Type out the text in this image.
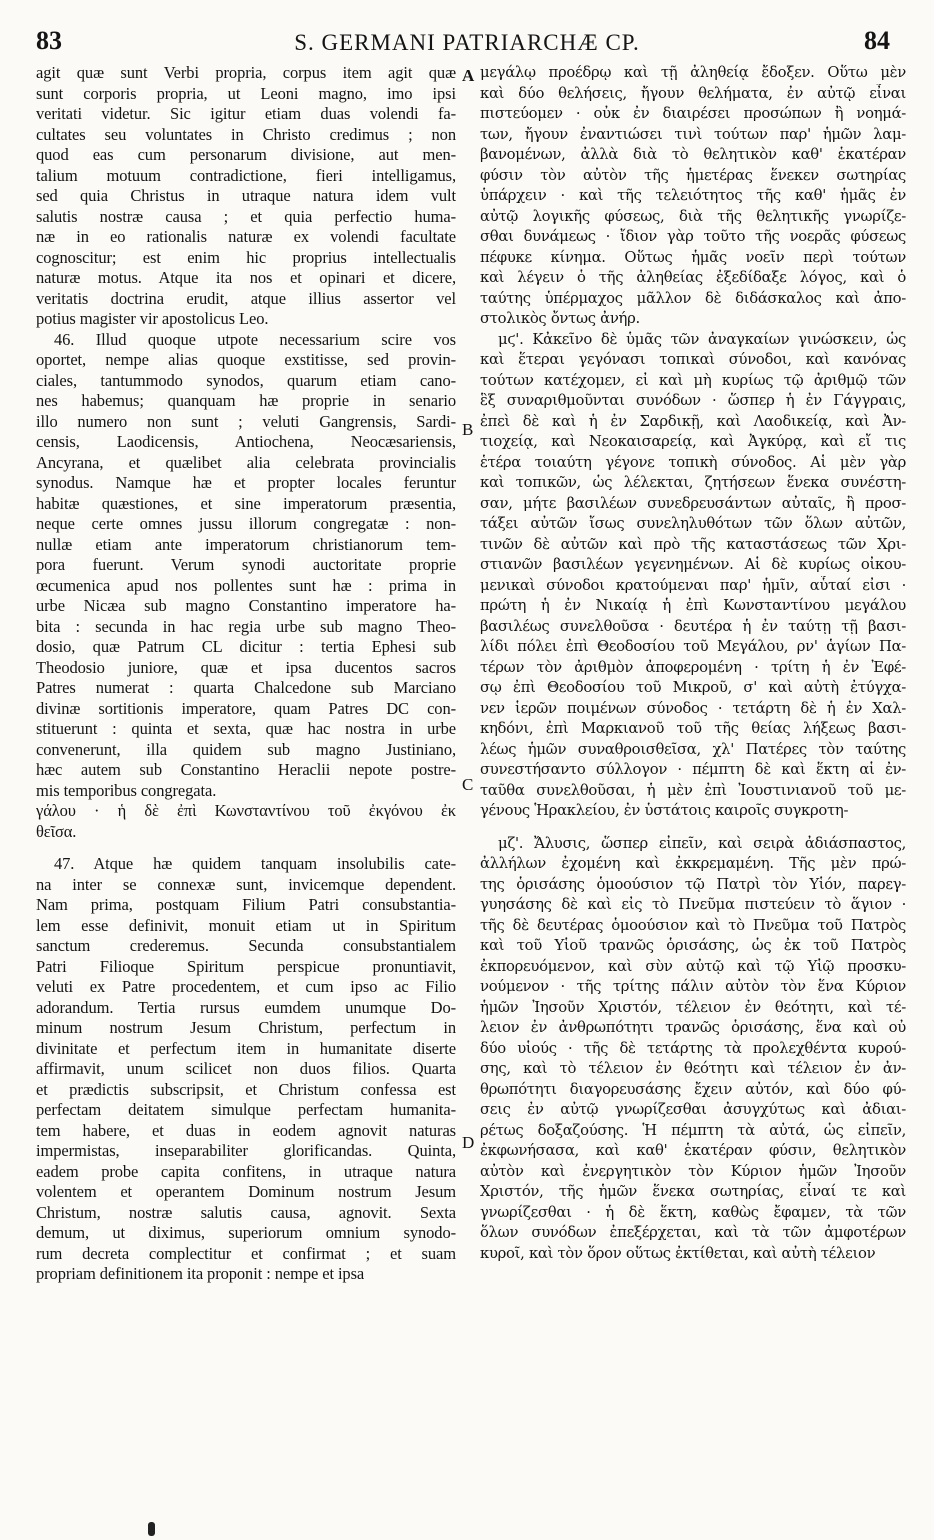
83	S. GERMANI PATRIARCHÆ CP.	84
A
B
C
D
agit quæ sunt Verbi propria, corpus item agit quæ
sunt corporis propria, ut Leoni magno, imo ipsi
veritati videtur. Sic igitur etiam duas volendi fa-
cultates seu voluntates in Christo credimus ; non
quod eas cum personarum divisione, aut men-
talium motuum contradictione, fieri intelligamus,
sed quia Christus in utraque natura idem vult
salutis nostræ causa ; et quia perfectio huma-
næ in eo rationalis naturæ ex volendi facultate
cognoscitur; est enim hic proprius intellectualis
naturæ motus. Atque ita nos et opinari et dicere,
veritatis doctrina erudit, atque illius assertor vel
potius magister vir apostolicus Leo.
46. Illud quoque utpote necessarium scire vos
oportet, nempe alias quoque exstitisse, sed provin-
ciales, tantummodo synodos, quarum etiam cano-
nes habemus; quanquam hæ proprie in senario
illo numero non sunt ; veluti Gangrensis, Sardi-
censis, Laodicensis, Antiochena, Neocæsariensis,
Ancyrana, et quælibet alia celebrata provincialis
synodus. Namque hæ et propter locales feruntur
habitæ quæstiones, et sine imperatorum præsentia,
neque certe omnes jussu illorum congregatæ : non-
nullæ etiam ante imperatorum christianorum tem-
pora fuerunt. Verum synodi auctoritate proprie
œcumenica apud nos pollentes sunt hæ : prima in
urbe Nicæa sub magno Constantino imperatore ha-
bita : secunda in hac regia urbe sub magno Theo-
dosio, quæ Patrum CL dicitur : tertia Ephesi sub
Theodosio juniore, quæ et ipsa ducentos sacros
Patres numerat : quarta Chalcedone sub Marciano
divinæ sortitionis imperatore, quam Patres DC con-
stituerunt : quinta et sexta, quæ hac nostra in urbe
convenerunt, illa quidem sub magno Justiniano,
hæc autem sub Constantino Heraclii nepote postre-
mis temporibus congregata.
γάλου · ἡ δὲ ἐπὶ Κωνσταντίνου τοῦ ἐκγόνου ἐκ
θεῖσα.
47. Atque hæ quidem tanquam insolubilis cate-
na inter se connexæ sunt, invicemque dependent.
Nam prima, postquam Filium Patri consubstantia-
lem esse definivit, monuit etiam ut in Spiritum
sanctum crederemus. Secunda consubstantialem
Patri Filioque Spiritum perspicue pronuntiavit,
veluti ex Patre procedentem, et cum ipso ac Filio
adorandum. Tertia rursus eumdem unumque Do-
minum nostrum Jesum Christum, perfectum in
divinitate et perfectum item in humanitate diserte
affirmavit, unum scilicet non duos filios. Quarta
et prædictis subscripsit, et Christum confessa est
perfectam deitatem simulque perfectam humanita-
tem habere, et duas in eodem agnovit naturas
impermistas, inseparabiliter glorificandas. Quinta,
eadem probe capita confitens, in utraque natura
volentem et operantem Dominum nostrum Jesum
Christum, nostræ salutis causa, agnovit. Sexta
demum, ut diximus, superiorum omnium synodo-
rum decreta complectitur et confirmat ; et suam
propriam definitionem ita proponit : nempe et ipsa
μεγάλῳ προέδρῳ καὶ τῇ ἀληθείᾳ ἔδοξεν. Οὕτω μὲν
καὶ δύο θελήσεις, ἤγουν θελήματα, ἐν αὐτῷ εἶναι
πιστεύομεν · οὐκ ἐν διαιρέσει προσώπων ἢ νοημά-
των, ἤγουν ἐναντιώσει τινὶ τούτων παρ' ἡμῶν λαμ-
βανομένων, ἀλλὰ διὰ τὸ θελητικὸν καθ' ἑκατέραν
φύσιν τὸν αὐτὸν τῆς ἡμετέρας ἕνεκεν σωτηρίας
ὑπάρχειν · καὶ τῆς τελειότητος τῆς καθ' ἡμᾶς ἐν
αὐτῷ λογικῆς φύσεως, διὰ τῆς θελητικῆς γνωρίζε-
σθαι δυνάμεως · ἴδιον γὰρ τοῦτο τῆς νοερᾶς φύσεως
πέφυκε κίνημα. Οὕτως ἡμᾶς νοεῖν περὶ τούτων
καὶ λέγειν ὁ τῆς ἀληθείας ἐξεδίδαξε λόγος, καὶ ὁ
ταύτης ὑπέρμαχος μᾶλλον δὲ διδάσκαλος καὶ ἀπο-
στολικὸς ὄντως ἀνήρ.
μϛ'. Κἀκεῖνο δὲ ὑμᾶς τῶν ἀναγκαίων γινώσκειν, ὡς
καὶ ἕτεραι γεγόνασι τοπικαὶ σύνοδοι, καὶ κανόνας
τούτων κατέχομεν, εἰ καὶ μὴ κυρίως τῷ ἀριθμῷ τῶν
ἓξ συναριθμοῦνται συνόδων · ὥσπερ ἡ ἐν Γάγγραις,
ἐπεὶ δὲ καὶ ἡ ἐν Σαρδικῇ, καὶ Λαοδικείᾳ, καὶ Ἀν-
τιοχείᾳ, καὶ Νεοκαισαρείᾳ, καὶ Ἀγκύρᾳ, καὶ εἴ τις
ἑτέρα τοιαύτη γέγονε τοπικὴ σύνοδος. Αἱ μὲν γὰρ
καὶ τοπικῶν, ὡς λέλεκται, ζητήσεων ἕνεκα συνέστη-
σαν, μήτε βασιλέων συνεδρευσάντων αὐταῖς, ἢ προσ-
τάξει αὐτῶν ἴσως συνεληλυθότων τῶν ὅλων αὐτῶν,
τινῶν δὲ αὐτῶν καὶ πρὸ τῆς καταστάσεως τῶν Χρι-
στιανῶν βασιλέων γεγενημένων. Αἱ δὲ κυρίως οἰκου-
μενικαὶ σύνοδοι κρατούμεναι παρ' ἡμῖν, αὗταί εἰσι ·
πρώτη ἡ ἐν Νικαίᾳ ἡ ἐπὶ Κωνσταντίνου μεγάλου
βασιλέως συνελθοῦσα · δευτέρα ἡ ἐν ταύτῃ τῇ βασι-
λίδι πόλει ἐπὶ Θεοδοσίου τοῦ Μεγάλου, ρν' ἁγίων Πα-
τέρων τὸν ἀριθμὸν ἀποφερομένη · τρίτη ἡ ἐν Ἐφέ-
σῳ ἐπὶ Θεοδοσίου τοῦ Μικροῦ, σ' καὶ αὐτὴ ἐτύγχα-
νεν ἱερῶν ποιμένων σύνοδος · τετάρτη δὲ ἡ ἐν Χαλ-
κηδόνι, ἐπὶ Μαρκιανοῦ τοῦ τῆς θείας λήξεως βασι-
λέως ἡμῶν συναθροισθεῖσα, χλ' Πατέρες τὸν ταύτης
συνεστήσαντο σύλλογον · πέμπτη δὲ καὶ ἕκτη αἱ ἐν-
ταῦθα συνελθοῦσαι, ἡ μὲν ἐπὶ Ἰουστινιανοῦ τοῦ με-
γένους Ἡρακλείου, ἐν ὑστάτοις καιροῖς συγκροτη-
μζ'. Ἄλυσις, ὥσπερ εἰπεῖν, καὶ σειρὰ ἀδιάσπαστος,
ἀλλήλων ἐχομένη καὶ ἐκκρεμαμένη. Τῆς μὲν πρώ-
της ὁρισάσης ὁμοούσιον τῷ Πατρὶ τὸν Υἱόν, παρεγ-
γυησάσης δὲ καὶ εἰς τὸ Πνεῦμα πιστεύειν τὸ ἅγιον ·
τῆς δὲ δευτέρας ὁμοούσιον καὶ τὸ Πνεῦμα τοῦ Πατρὸς
καὶ τοῦ Υἱοῦ τρανῶς ὁρισάσης, ὡς ἐκ τοῦ Πατρὸς
ἐκπορευόμενον, καὶ σὺν αὐτῷ καὶ τῷ Υἱῷ προσκυ-
νούμενον · τῆς τρίτης πάλιν αὐτὸν τὸν ἕνα Κύριον
ἡμῶν Ἰησοῦν Χριστόν, τέλειον ἐν θεότητι, καὶ τέ-
λειον ἐν ἀνθρωπότητι τρανῶς ὁρισάσης, ἕνα καὶ οὐ
δύο υἱούς · τῆς δὲ τετάρτης τὰ προλεχθέντα κυρού-
σης, καὶ τὸ τέλειον ἐν θεότητι καὶ τέλειον ἐν ἀν-
θρωπότητι διαγορευσάσης ἔχειν αὐτόν, καὶ δύο φύ-
σεις ἐν αὐτῷ γνωρίζεσθαι ἀσυγχύτως καὶ ἀδιαι-
ρέτως δοξαζούσης. Ἡ πέμπτη τὰ αὐτά, ὡς εἰπεῖν,
ἐκφωνήσασα, καὶ καθ' ἑκατέραν φύσιν, θελητικὸν
αὐτὸν καὶ ἐνεργητικὸν τὸν Κύριον ἡμῶν Ἰησοῦν
Χριστόν, τῆς ἡμῶν ἕνεκα σωτηρίας, εἶναί τε καὶ
γνωρίζεσθαι · ἡ δὲ ἕκτη, καθὼς ἔφαμεν, τὰ τῶν
ὅλων συνόδων ἐπεξέρχεται, καὶ τὰ τῶν ἀμφοτέρων
κυροῖ, καὶ τὸν ὅρον οὕτως ἐκτίθεται, καὶ αὐτὴ τέλειον
